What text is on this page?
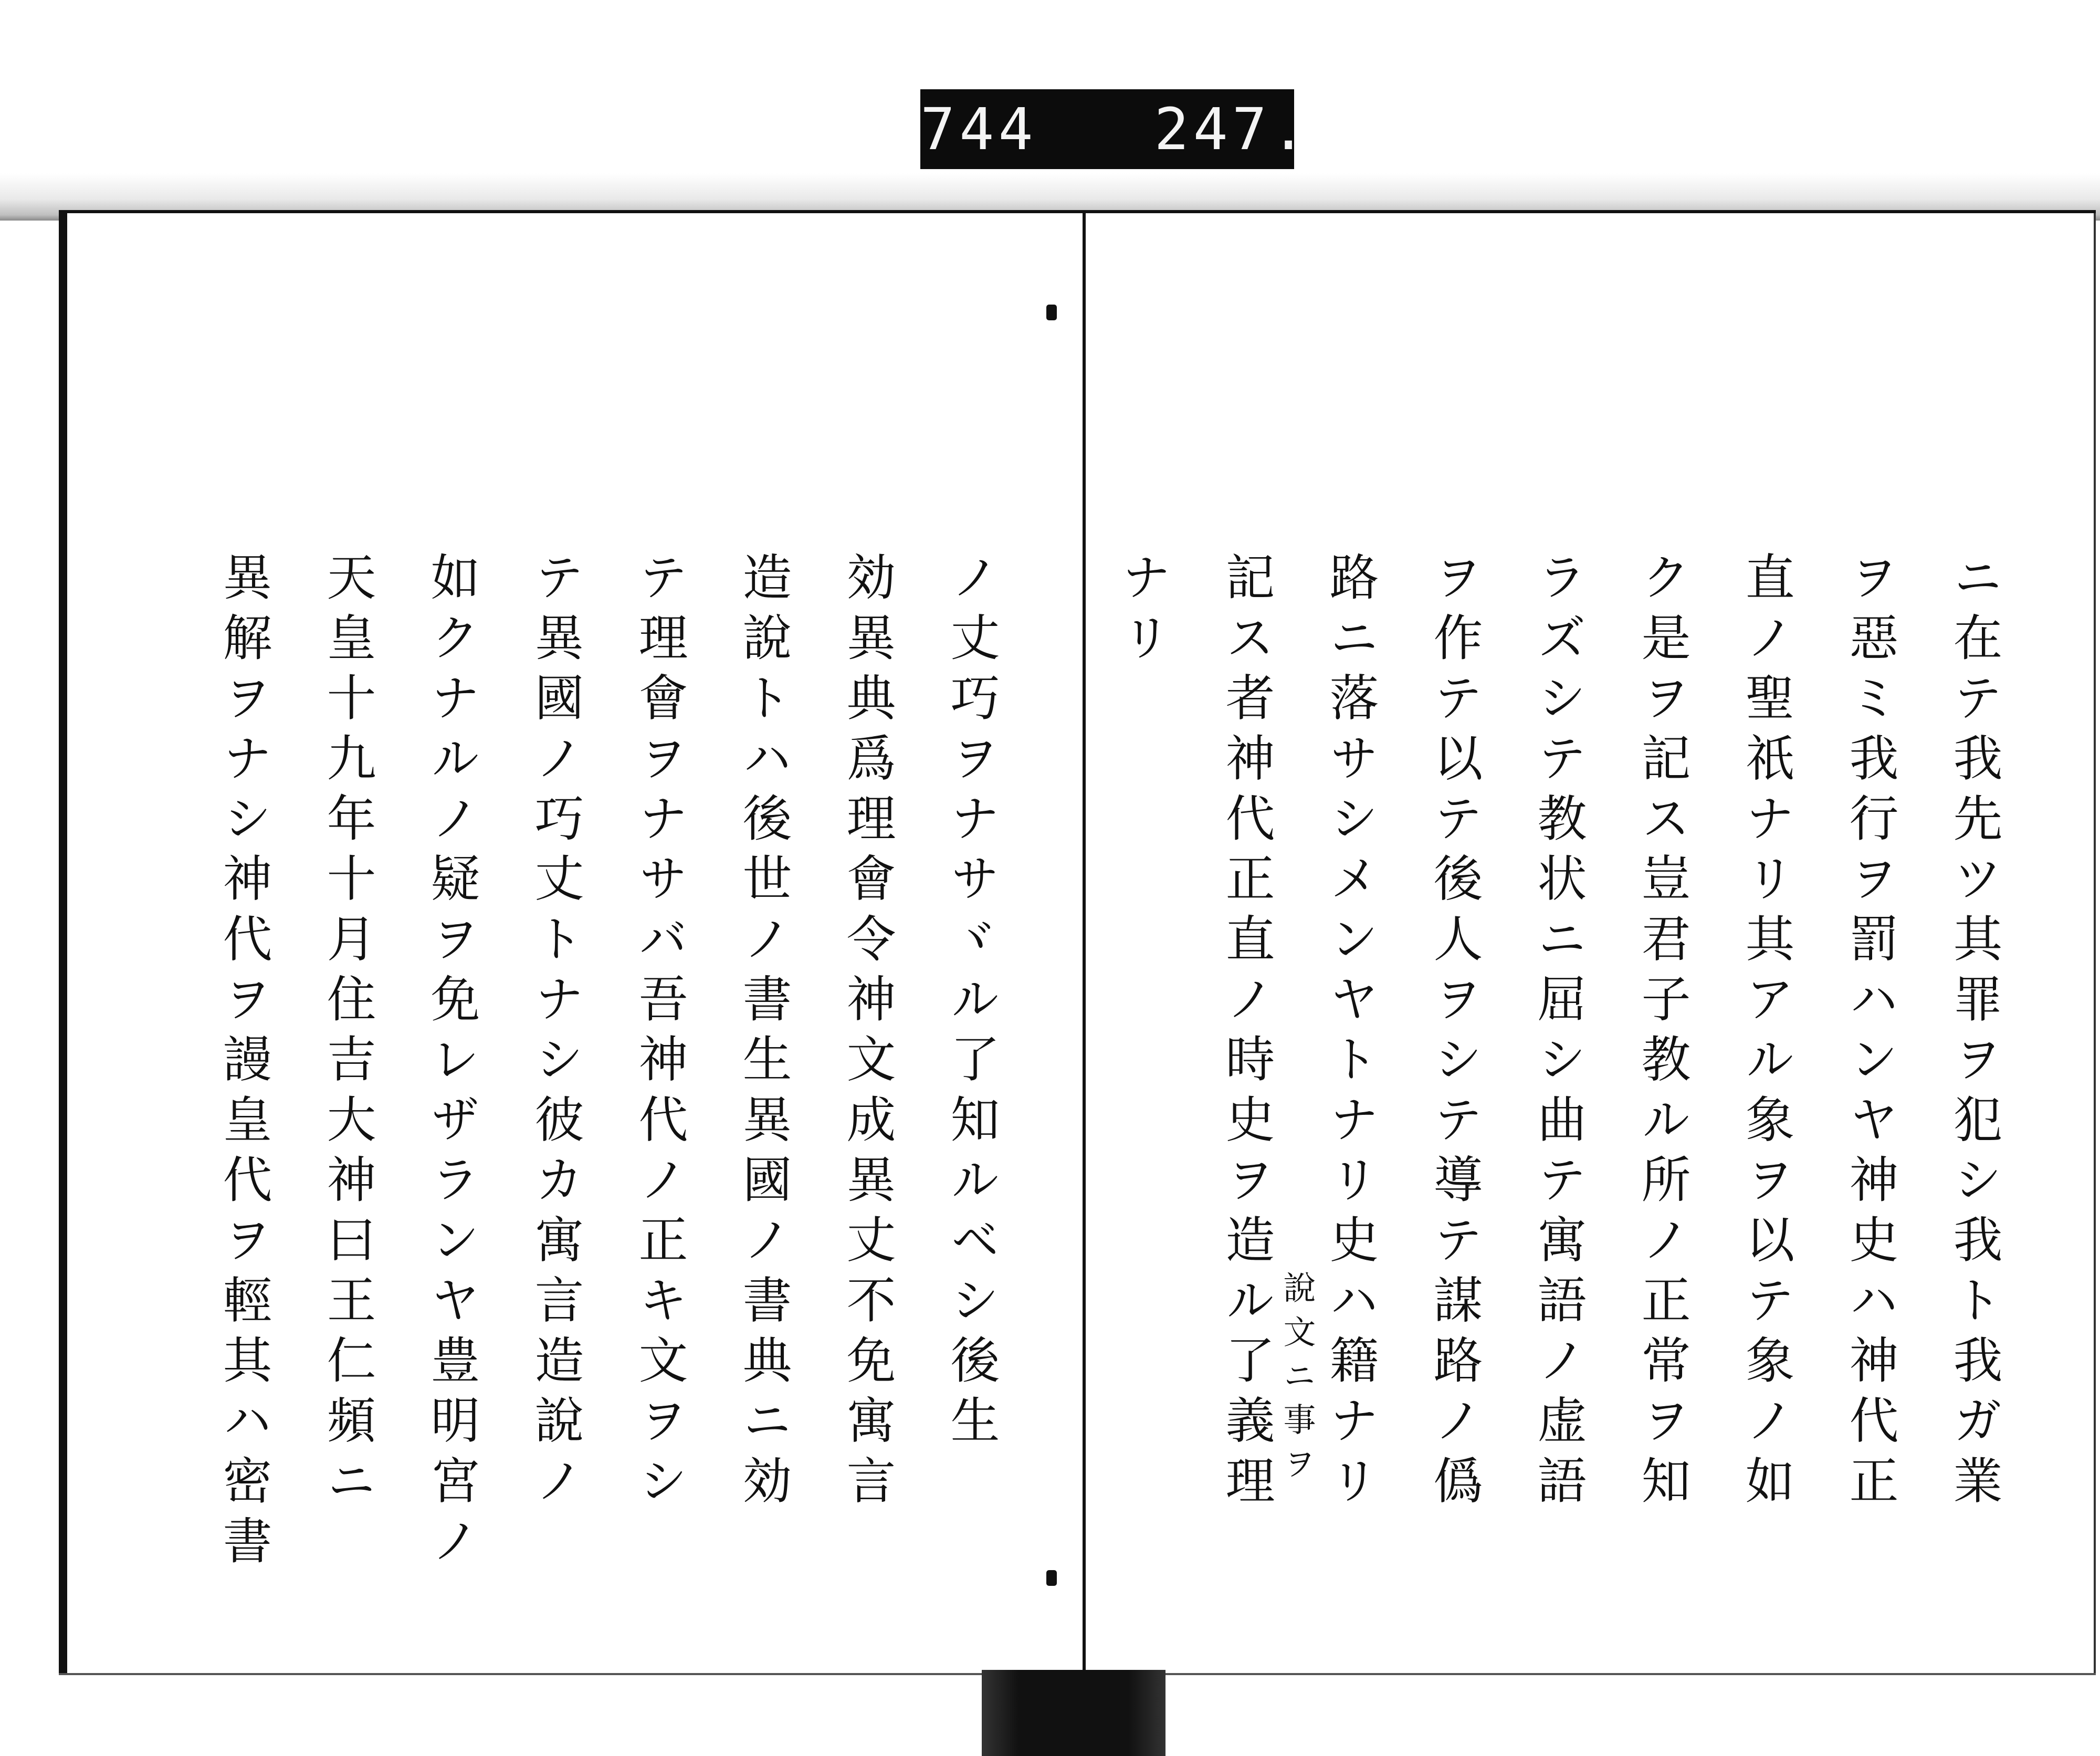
744   247.
ニ在テ我先ツ其罪ヲ犯シ我ト我ガ業
ヲ惡ミ我行ヲ罰ハンヤ神史ハ神代正
直ノ聖祇ナリ其アル象ヲ以テ象ノ如
ク是ヲ記ス豈君子教ル所ノ正常ヲ知
ラズシテ教状ニ屈シ曲テ寓語ノ虚語
ヲ作テ以テ後人ヲシテ導テ謀路ノ僞
路ニ落サシメンヤトナリ史ハ籍ナリ
記ス者神代正直ノ時史ヲ造ル了義理
ナリ
說文ニ事ヲ
ノ丈巧ヲナサヾル了知ルベシ後生
効異典爲理會令神文成異丈不免寓言
造說トハ後世ノ書生異國ノ書典ニ効
テ理會ヲナサバ吾神代ノ正キ文ヲシ
テ異國ノ巧丈トナシ彼カ寓言造說ノ
如クナルノ疑ヲ免レザランヤ豊明宮ノ
天皇十九年十月住吉大神曰王仁頻ニ
異解ヲナシ神代ヲ謾皇代ヲ輕其ハ密書
